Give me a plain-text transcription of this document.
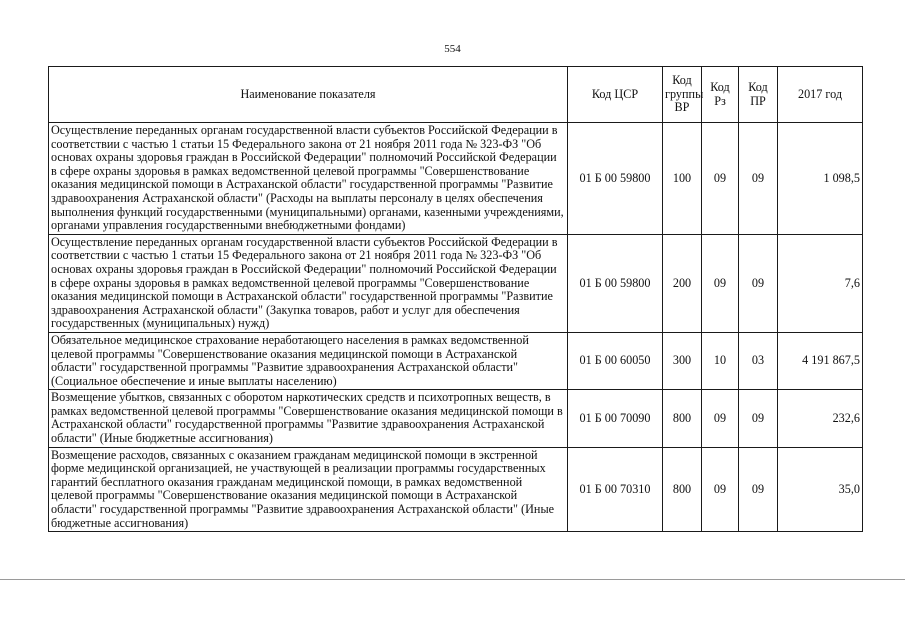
554
Наименование показателя	Код ЦСР	Код группы ВР	Код Рз	Код ПР	2017 год
Осуществление переданных органам государственной власти субъектов Российской Федерации в соответствии с частью 1 статьи 15 Федерального закона от 21 ноября 2011 года № 323-ФЗ "Об основах охраны здоровья граждан в Российской Федерации" полномочий Российской Федерации в сфере охраны здоровья в рамках ведомственной целевой программы "Совершенствование оказания медицинской помощи в Астраханской области" государственной программы "Развитие здравоохранения Астраханской области" (Расходы на выплаты персоналу в целях обеспечения выполнения функций государственными (муниципальными) органами, казенными учреждениями, органами управления государственными внебюджетными фондами)	01 Б 00 59800	100	09	09	1 098,5
Осуществление переданных органам государственной власти субъектов Российской Федерации в соответствии с частью 1 статьи 15 Федерального закона от 21 ноября 2011 года № 323-ФЗ "Об основах охраны здоровья граждан в Российской Федерации" полномочий Российской Федерации в сфере охраны здоровья в рамках ведомственной целевой программы "Совершенствование оказания медицинской помощи в Астраханской области" государственной программы "Развитие здравоохранения Астраханской области" (Закупка товаров, работ и услуг для обеспечения государственных (муниципальных) нужд)	01 Б 00 59800	200	09	09	7,6
Обязательное медицинское страхование неработающего населения в рамках ведомственной целевой программы "Совершенствование оказания медицинской помощи в Астраханской области" государственной программы "Развитие здравоохранения Астраханской области" (Социальное обеспечение и иные выплаты населению)	01 Б 00 60050	300	10	03	4 191 867,5
Возмещение убытков, связанных с оборотом наркотических средств и психотропных веществ, в рамках ведомственной целевой программы "Совершенствование оказания медицинской помощи в Астраханской области" государственной программы "Развитие здравоохранения Астраханской области" (Иные бюджетные ассигнования)	01 Б 00 70090	800	09	09	232,6
Возмещение расходов, связанных с оказанием гражданам медицинской помощи в экстренной форме медицинской организацией, не участвующей в реализации программы государственных гарантий бесплатного оказания гражданам медицинской помощи, в рамках ведомственной целевой программы "Совершенствование оказания медицинской помощи в Астраханской области" государственной программы "Развитие здравоохранения Астраханской области" (Иные бюджетные ассигнования)	01 Б 00 70310	800	09	09	35,0
